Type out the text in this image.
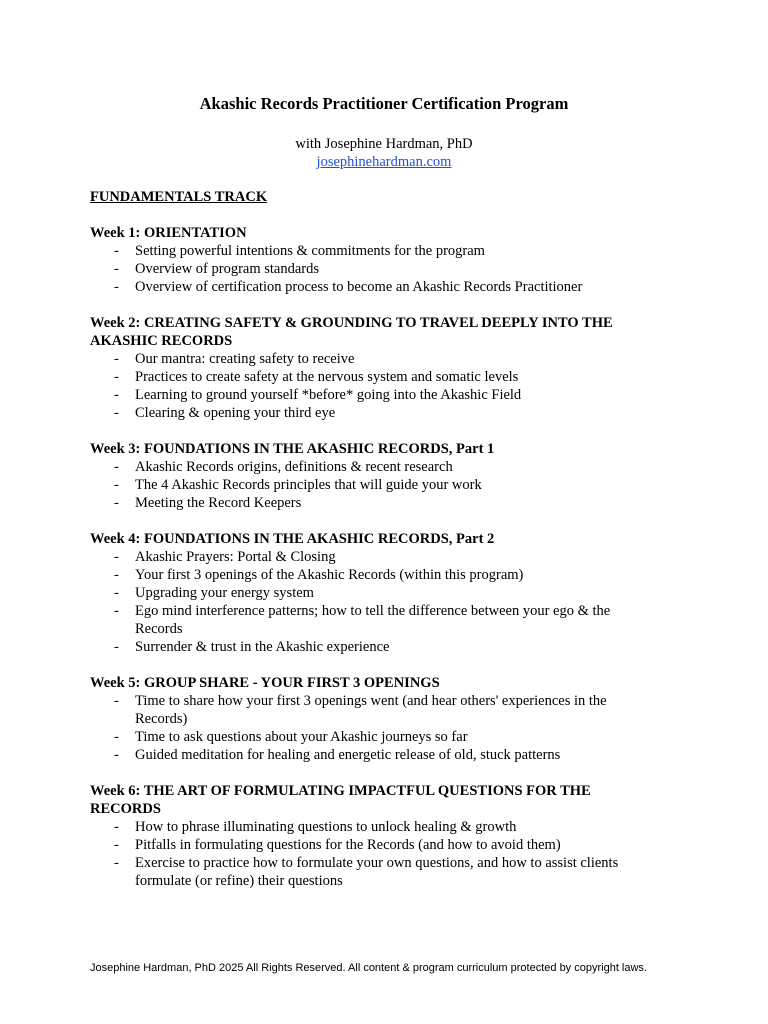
Akashic Records Practitioner Certification Program
with Josephine Hardman, PhD
josephinehardman.com
FUNDAMENTALS TRACK
Week 1: ORIENTATION
- Setting powerful intentions & commitments for the program
- Overview of program standards
- Overview of certification process to become an Akashic Records Practitioner
Week 2: CREATING SAFETY & GROUNDING TO TRAVEL DEEPLY INTO THE AKASHIC RECORDS
- Our mantra: creating safety to receive
- Practices to create safety at the nervous system and somatic levels
- Learning to ground yourself *before* going into the Akashic Field
- Clearing & opening your third eye
Week 3: FOUNDATIONS IN THE AKASHIC RECORDS, Part 1
- Akashic Records origins, definitions & recent research
- The 4 Akashic Records principles that will guide your work
- Meeting the Record Keepers
Week 4: FOUNDATIONS IN THE AKASHIC RECORDS, Part 2
- Akashic Prayers: Portal & Closing
- Your first 3 openings of the Akashic Records (within this program)
- Upgrading your energy system
- Ego mind interference patterns; how to tell the difference between your ego & the Records
- Surrender & trust in the Akashic experience
Week 5: GROUP SHARE - YOUR FIRST 3 OPENINGS
- Time to share how your first 3 openings went (and hear others' experiences in the Records)
- Time to ask questions about your Akashic journeys so far
- Guided meditation for healing and energetic release of old, stuck patterns
Week 6: THE ART OF FORMULATING IMPACTFUL QUESTIONS FOR THE RECORDS
- How to phrase illuminating questions to unlock healing & growth
- Pitfalls in formulating questions for the Records (and how to avoid them)
- Exercise to practice how to formulate your own questions, and how to assist clients formulate (or refine) their questions
Josephine Hardman, PhD 2025 All Rights Reserved. All content & program curriculum protected by copyright laws.
